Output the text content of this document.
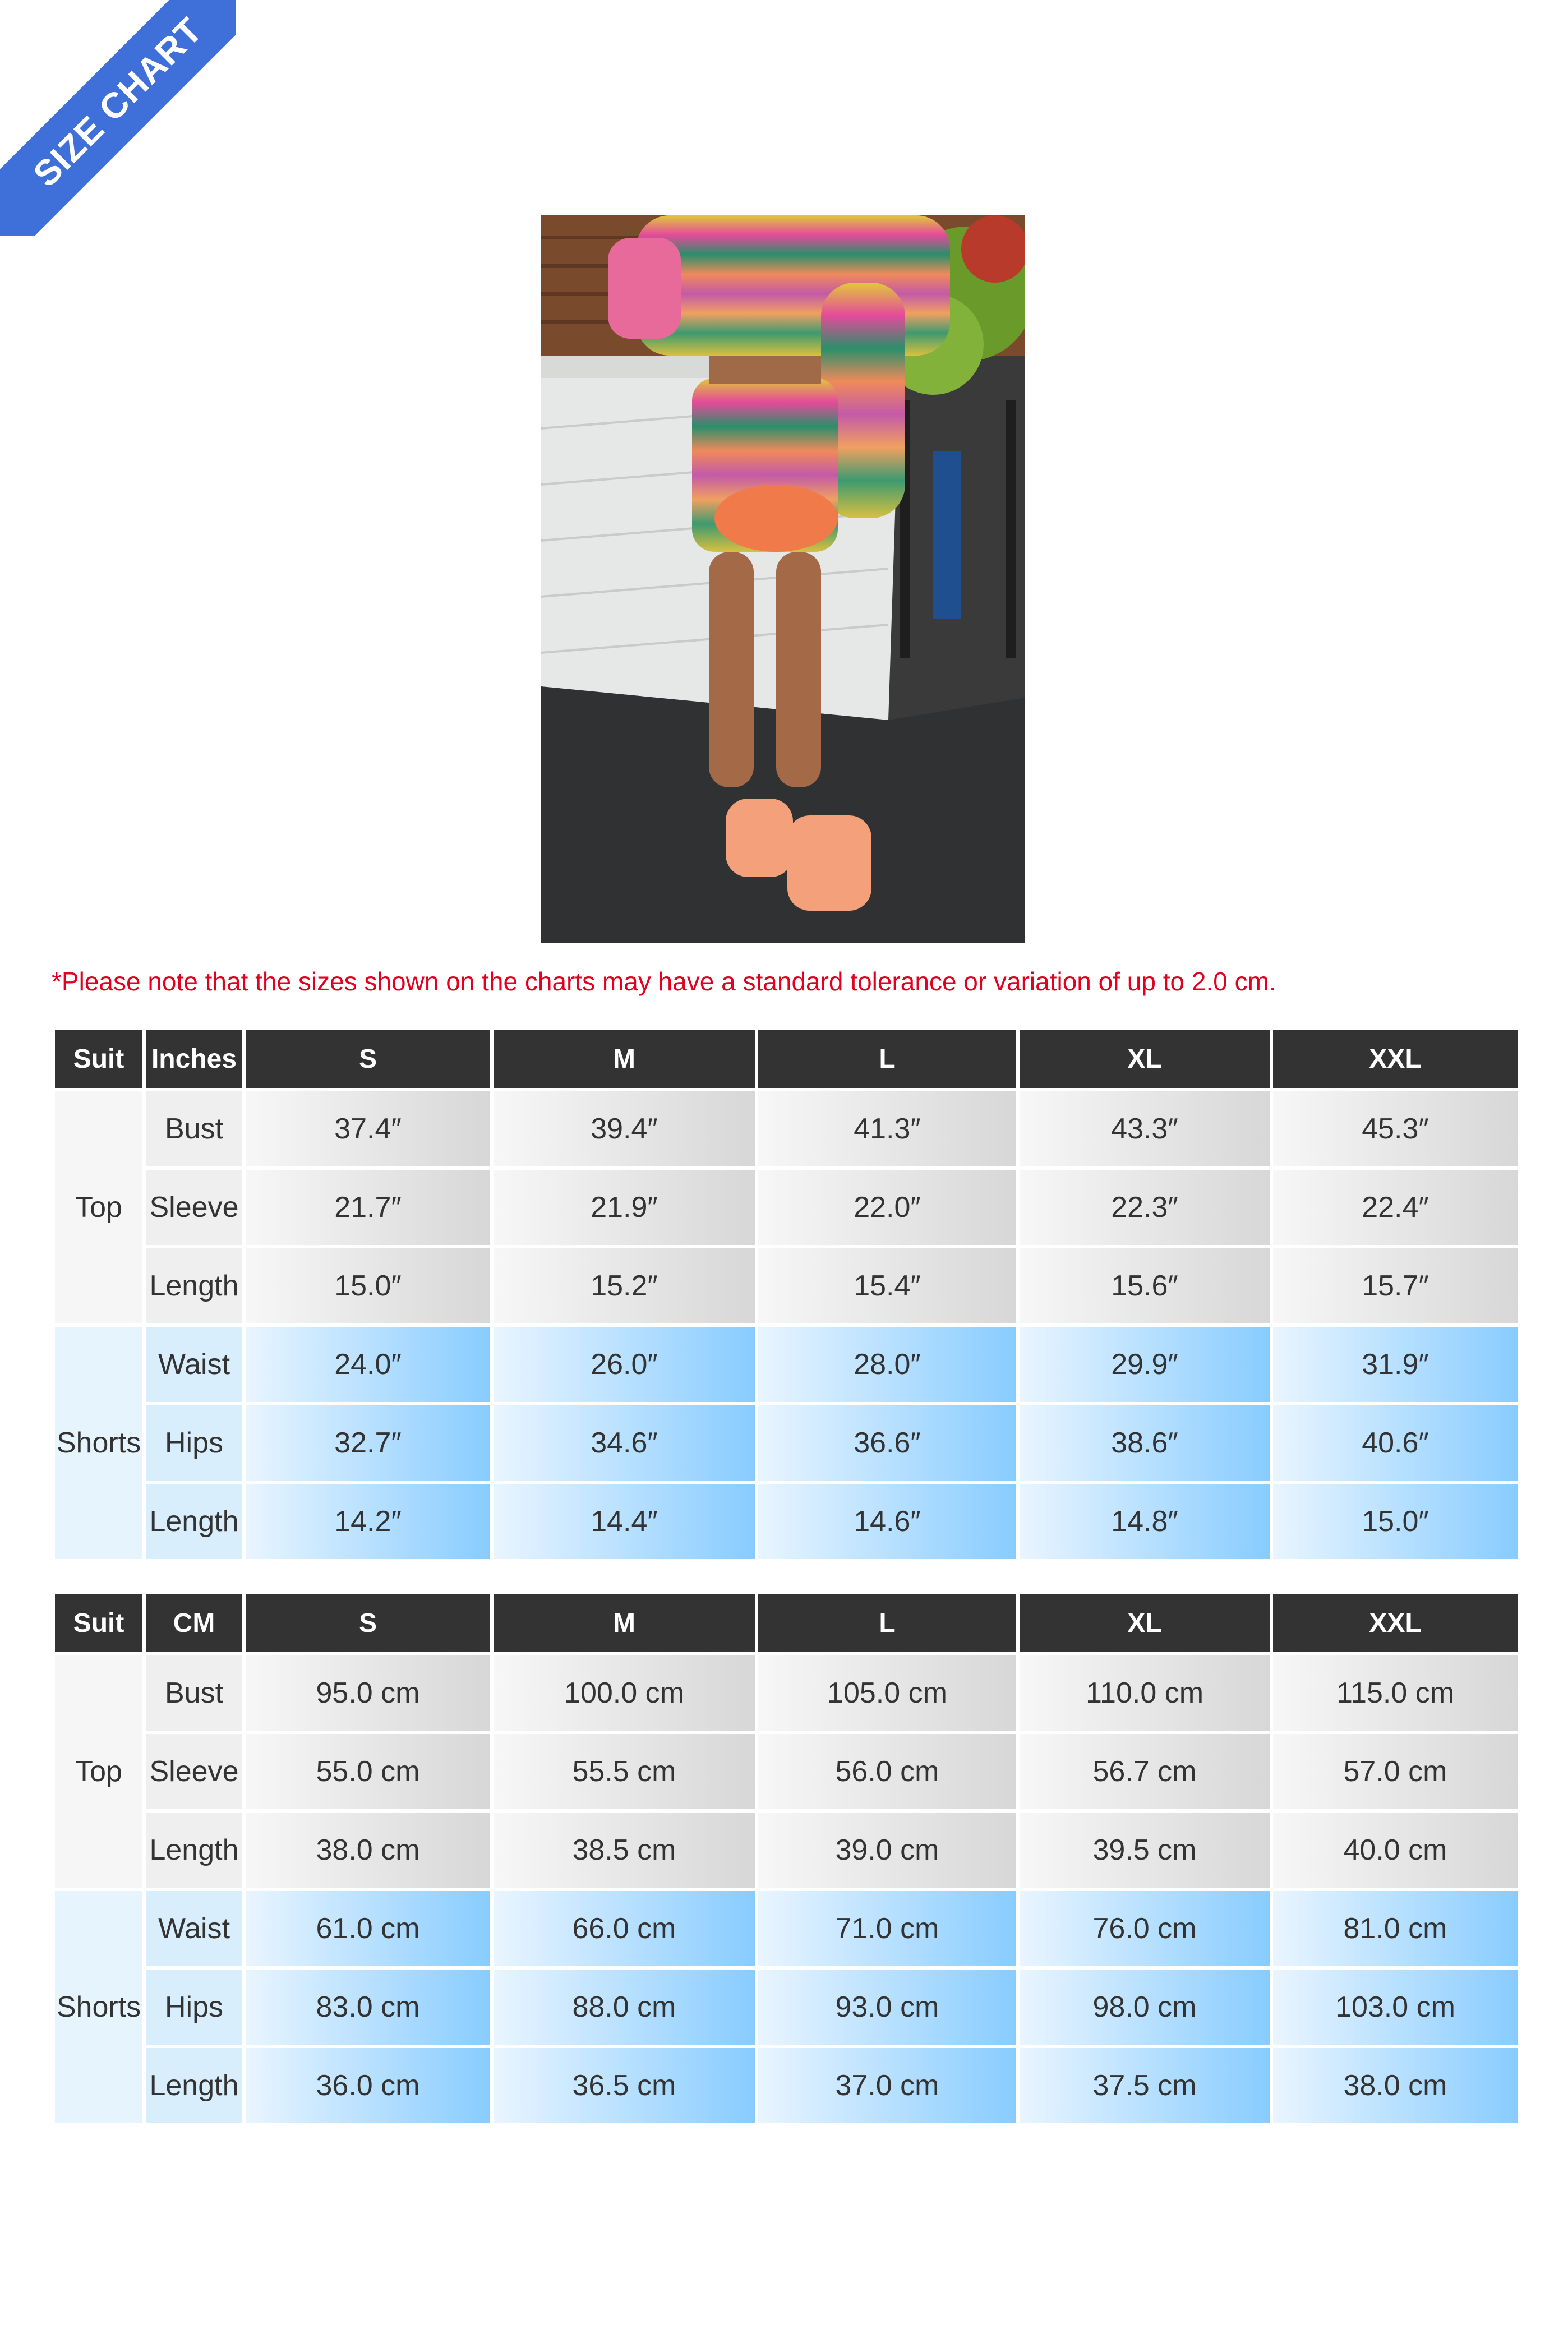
SIZE CHART
*Please note that the sizes shown on the charts may have a standard tolerance or variation of up to 2.0 cm.
Suit	Inches	S	M	L	XL	XXL
Top	Bust	37.4″	39.4″	41.3″	43.3″	45.3″
	Sleeve	21.7″	21.9″	22.0″	22.3″	22.4″
	Length	15.0″	15.2″	15.4″	15.6″	15.7″
Shorts	Waist	24.0″	26.0″	28.0″	29.9″	31.9″
	Hips	32.7″	34.6″	36.6″	38.6″	40.6″
	Length	14.2″	14.4″	14.6″	14.8″	15.0″
Suit	CM	S	M	L	XL	XXL
Top	Bust	95.0 cm	100.0 cm	105.0 cm	110.0 cm	115.0 cm
	Sleeve	55.0 cm	55.5 cm	56.0 cm	56.7 cm	57.0 cm
	Length	38.0 cm	38.5 cm	39.0 cm	39.5 cm	40.0 cm
Shorts	Waist	61.0 cm	66.0 cm	71.0 cm	76.0 cm	81.0 cm
	Hips	83.0 cm	88.0 cm	93.0 cm	98.0 cm	103.0 cm
	Length	36.0 cm	36.5 cm	37.0 cm	37.5 cm	38.0 cm
